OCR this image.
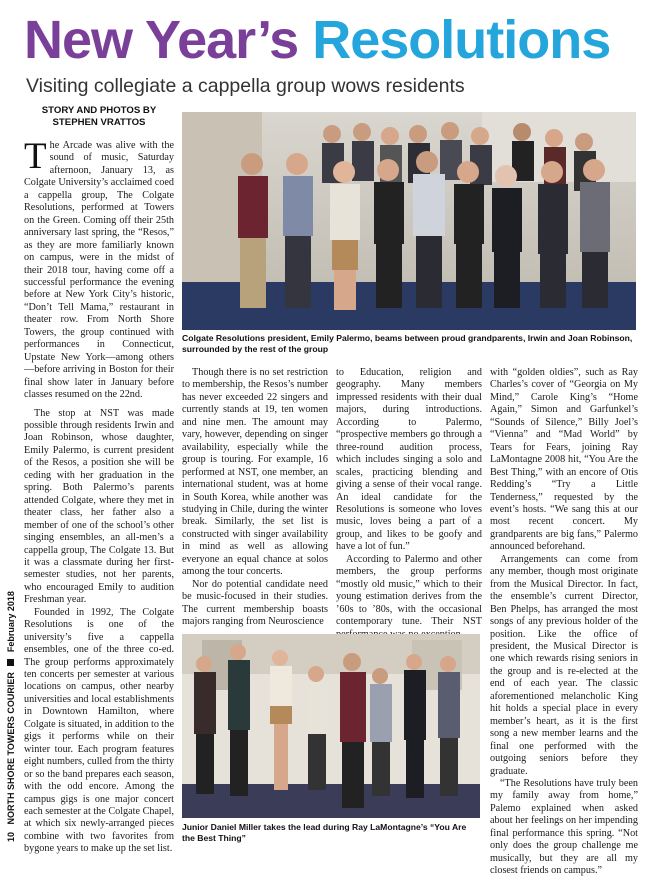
New Year’s Resolutions
Visiting collegiate a cappella group wows residents
STORY AND PHOTOS BY
STEPHEN VRATTOS
10   NORTH SHORE TOWERS COURIER  February 2018
Colgate Resolutions president, Emily Palermo, beams between proud grandparents, Irwin and Joan Robinson, surrounded by the rest of the group

The Arcade was alive with the sound of music, Saturday afternoon, January 13, as Colgate University’s acclaimed coed a cappella group, The Colgate Resolutions, performed at Towers on the Green. Coming off their 25th anniversary last spring, the “Resos,” as they are more familiarly known on campus, were in the midst of their 2018 tour, having come off a successful performance the evening before at New York City’s historic, “Don’t Tell Mama,” restaurant in theater row. From North Shore Towers, the group continued with performances in Connecticut, Upstate New York—among others—before arriving in Boston for their final show later in January before classes resumed on the 22nd.

The stop at NST was made possible through residents Irwin and Joan Robinson, whose daughter, Emily Palermo, is current president of the Resos, a position she will be ceding with her graduation in the spring. Both Palermo’s parents attended Colgate, where they met in theater class, her father also a member of one of the school’s other singing ensembles, an all-men’s a cappella group, The Colgate 13. But it was a classmate during her first-semester studies, not her parents, who encouraged Emily to audition Freshman year.

Founded in 1992, The Colgate Resolutions is one of the university’s five a cappella ensembles, one of the three co-ed. The group performs approximately ten concerts per semester at various locations on campus, other nearby universities and local establishments in Downtown Hamilton, where Colgate is situated, in addition to the gigs it performs while on their winter tour. Each program features eight numbers, culled from the thirty or so the band prepares each season, with the odd encore. Among the campus gigs is one major concert each semester at the Colgate Chapel, at which six newly-arranged pieces combine with two favorites from bygone years to make up the set list.

Though there is no set restriction to membership, the Resos’s number has never exceeded 22 singers and currently stands at 19, ten women and nine men. The amount may vary, however, depending on singer availability, especially while the group is touring. For example, 16 performed at NST, one member, an international student, was at home in South Korea, while another was studying in Chile, during the winter break. Similarly, the set list is constructed with singer availability in mind as well as allowing everyone an equal chance at solos among the tour concerts.

Nor do potential candidate need be music-focused in their studies. The current membership boasts majors ranging from Neuroscience

to Education, religion and geography. Many members impressed residents with their dual majors, during introductions. According to Palermo, “prospective members go through a three-round audition process, which includes singing a solo and scales, practicing blending and giving a sense of their vocal range. An ideal candidate for the Resolutions is someone who loves music, loves being a part of a group, and likes to be goofy and have a lot of fun.”

According to Palermo and other members, the group performs “mostly old music,” which to their young estimation derives from the ’60s to ’80s, with the occasional contemporary tune. Their NST

with “golden oldies”, such as Ray Charles’s cover of “Georgia on My Mind,” Carole King’s “Home Again,” Simon and Garfunkel’s “Sounds of Silence,” Billy Joel’s “Vienna” and “Mad World” by Tears for Fears, joining Ray LaMontagne 2008 hit, “You Are the Best Thing,” with an encore of Otis Redding’s “Try a Little Tenderness,” requested by the event’s hosts. “We sang this at our most recent concert. My grandparents are big fans,” Palermo announced beforehand.

Arrangements can come from any member, though most originate from the Musical Director. In fact, the ensemble’s current Director, Ben Phelps, has arranged the most songs of any previous holder of the position. Like the office of president, the Musical Director is one which rewards rising seniors in the group and is re-elected at the end of each year. The classic aforementioned melancholic King hit holds a special place in every member’s heart, as it is the first song a new member learns and the final one performed with the outgoing seniors before they graduate.

“The Resolutions have truly been my family away from home,” Palemo explained when asked about her feelings on her impending final performance this spring. “Not only does the group challenge me musically, but they are all my closest friends on campus.”

Junior Daniel Miller takes the lead during Ray LaMontagne’s “You Are the Best Thing”
